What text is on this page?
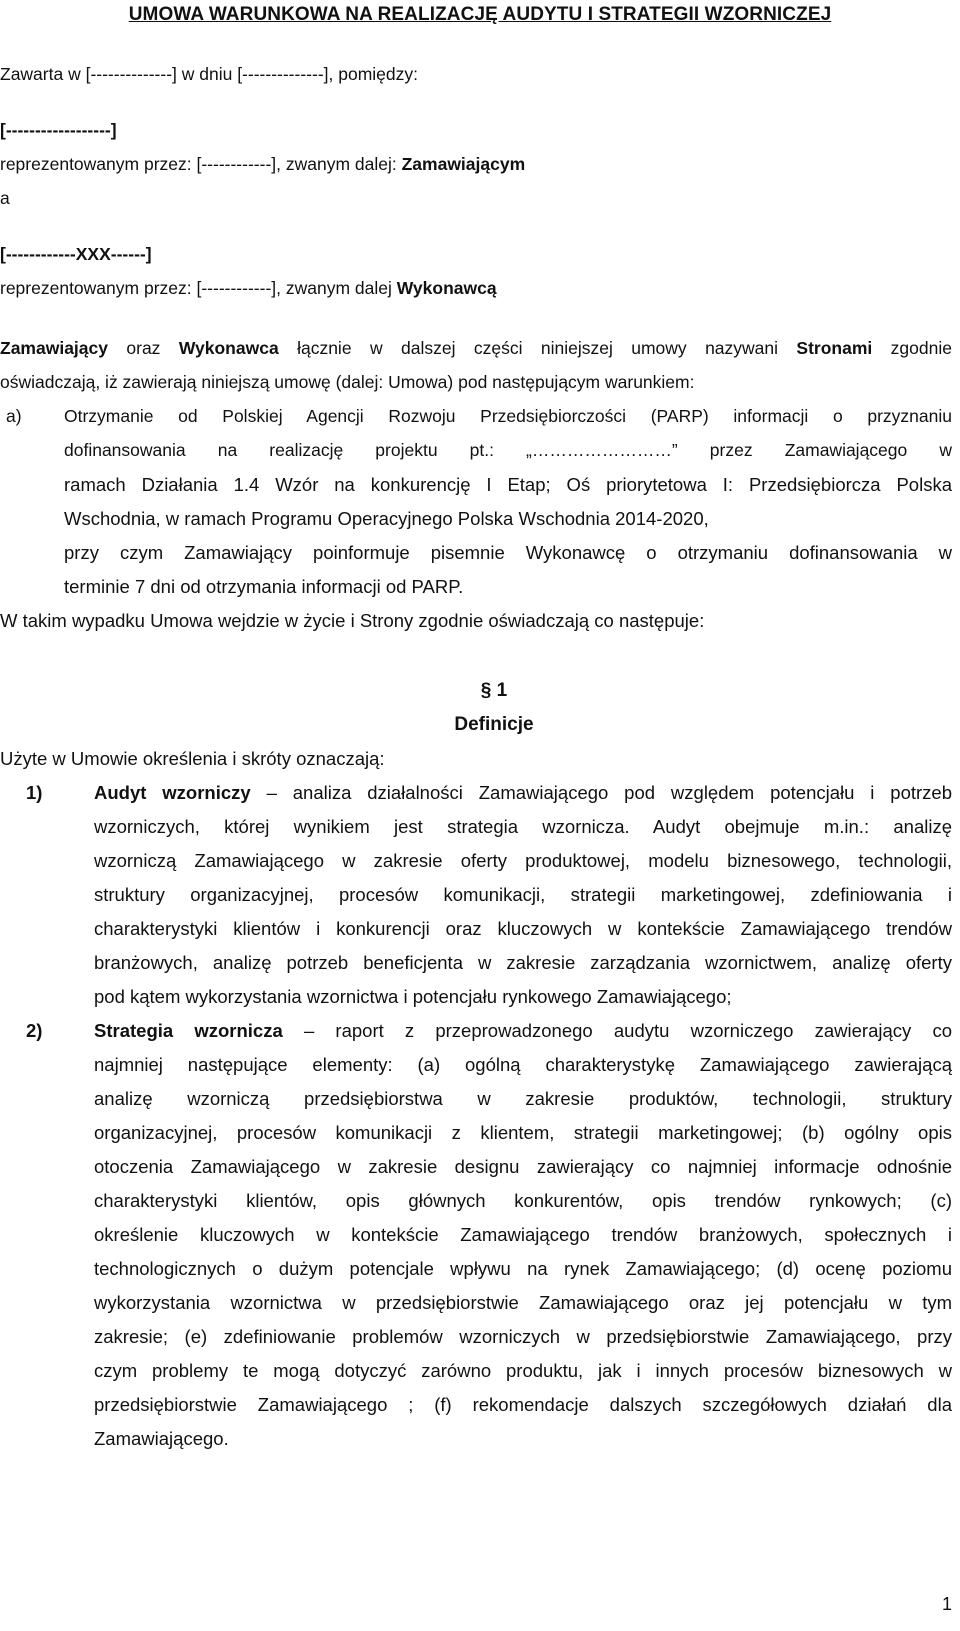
UMOWA WARUNKOWA NA REALIZACJĘ AUDYTU I STRATEGII WZORNICZEJ
Zawarta w [--------------] w dniu [--------------], pomiędzy:
[------------------]
reprezentowanym przez: [------------], zwanym dalej: Zamawiającym
a
[------------XXX------]
reprezentowanym przez: [------------], zwanym dalej Wykonawcą
Zamawiający oraz Wykonawca łącznie w dalszej części niniejszej umowy nazywani Stronami zgodnie
oświadczają, iż zawierają niniejszą umowę (dalej: Umowa) pod następującym warunkiem:
a) Otrzymanie od Polskiej Agencji Rozwoju Przedsiębiorczości (PARP) informacji o przyznaniu
dofinansowania na realizację projektu pt.: „……………………” przez Zamawiającego w
ramach Działania 1.4 Wzór na konkurencję I Etap; Oś priorytetowa I: Przedsiębiorcza Polska
Wschodnia, w ramach Programu Operacyjnego Polska Wschodnia 2014-2020,
przy czym Zamawiający poinformuje pisemnie Wykonawcę o otrzymaniu dofinansowania w
terminie 7 dni od otrzymania informacji od PARP.
W takim wypadku Umowa wejdzie w życie i Strony zgodnie oświadczają co następuje:
§ 1
Definicje
Użyte w Umowie określenia i skróty oznaczają:
1)	Audyt wzorniczy – analiza działalności Zamawiającego pod względem potencjału i potrzeb
wzorniczych, której wynikiem jest strategia wzornicza. Audyt obejmuje m.in.: analizę
wzorniczą Zamawiającego w zakresie oferty produktowej, modelu biznesowego, technologii,
struktury organizacyjnej, procesów komunikacji, strategii marketingowej, zdefiniowania i
charakterystyki klientów i konkurencji oraz kluczowych w kontekście Zamawiającego trendów
branżowych, analizę potrzeb beneficjenta w zakresie zarządzania wzornictwem, analizę oferty
pod kątem wykorzystania wzornictwa i potencjału rynkowego Zamawiającego;
2)	Strategia wzornicza – raport z przeprowadzonego audytu wzorniczego zawierający co
najmniej następujące elementy: (a) ogólną charakterystykę Zamawiającego zawierającą
analizę wzorniczą przedsiębiorstwa w zakresie produktów, technologii, struktury
organizacyjnej, procesów komunikacji z klientem, strategii marketingowej; (b) ogólny opis
otoczenia Zamawiającego w zakresie designu zawierający co najmniej informacje odnośnie
charakterystyki klientów, opis głównych konkurentów, opis trendów rynkowych; (c)
określenie kluczowych w kontekście Zamawiającego trendów branżowych, społecznych i
technologicznych o dużym potencjale wpływu na rynek Zamawiającego; (d) ocenę poziomu
wykorzystania wzornictwa w przedsiębiorstwie Zamawiającego oraz jej potencjału w tym
zakresie; (e) zdefiniowanie problemów wzorniczych w przedsiębiorstwie Zamawiającego, przy
czym problemy te mogą dotyczyć zarówno produktu, jak i innych procesów biznesowych w
przedsiębiorstwie Zamawiającego ; (f) rekomendacje dalszych szczegółowych działań dla
Zamawiającego.
1
